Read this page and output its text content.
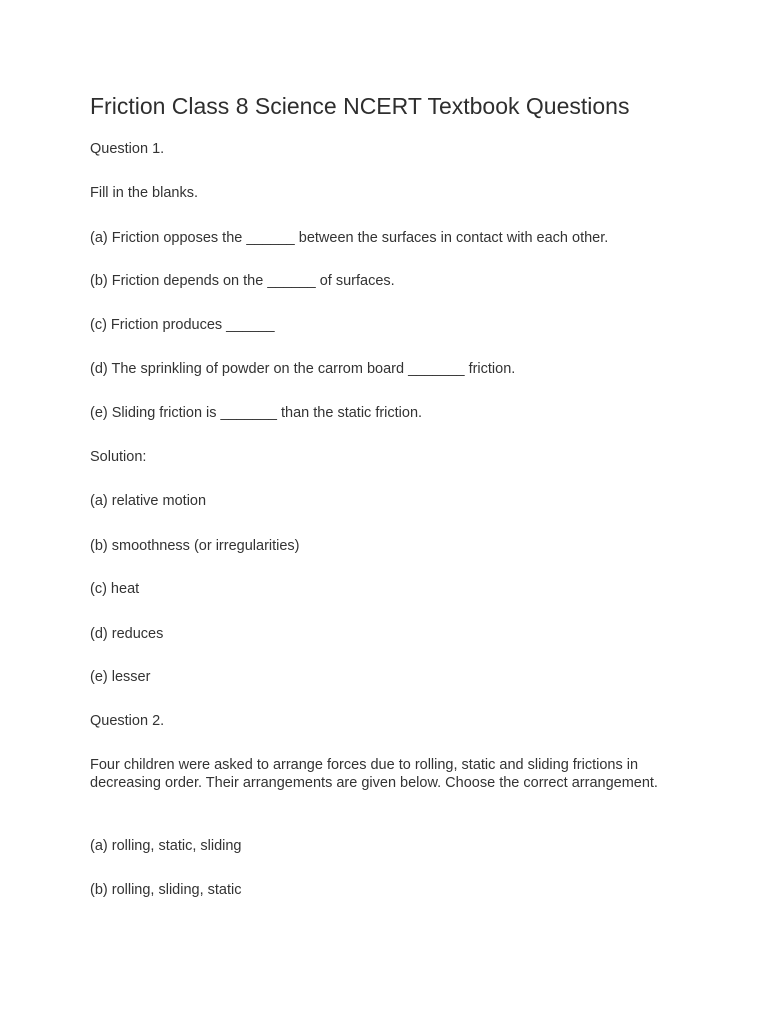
Friction Class 8 Science NCERT Textbook Questions

Question 1.

Fill in the blanks.

(a) Friction opposes the ______ between the surfaces in contact with each other.

(b) Friction depends on the ______ of surfaces.

(c) Friction produces ______

(d) The sprinkling of powder on the carrom board _______ friction.

(e) Sliding friction is _______ than the static friction.

Solution:

(a) relative motion

(b) smoothness (or irregularities)

(c) heat

(d) reduces

(e) lesser

Question 2.

Four children were asked to arrange forces due to rolling, static and sliding frictions in decreasing order. Their arrangements are given below. Choose the correct arrangement.

(a) rolling, static, sliding

(b) rolling, sliding, static
